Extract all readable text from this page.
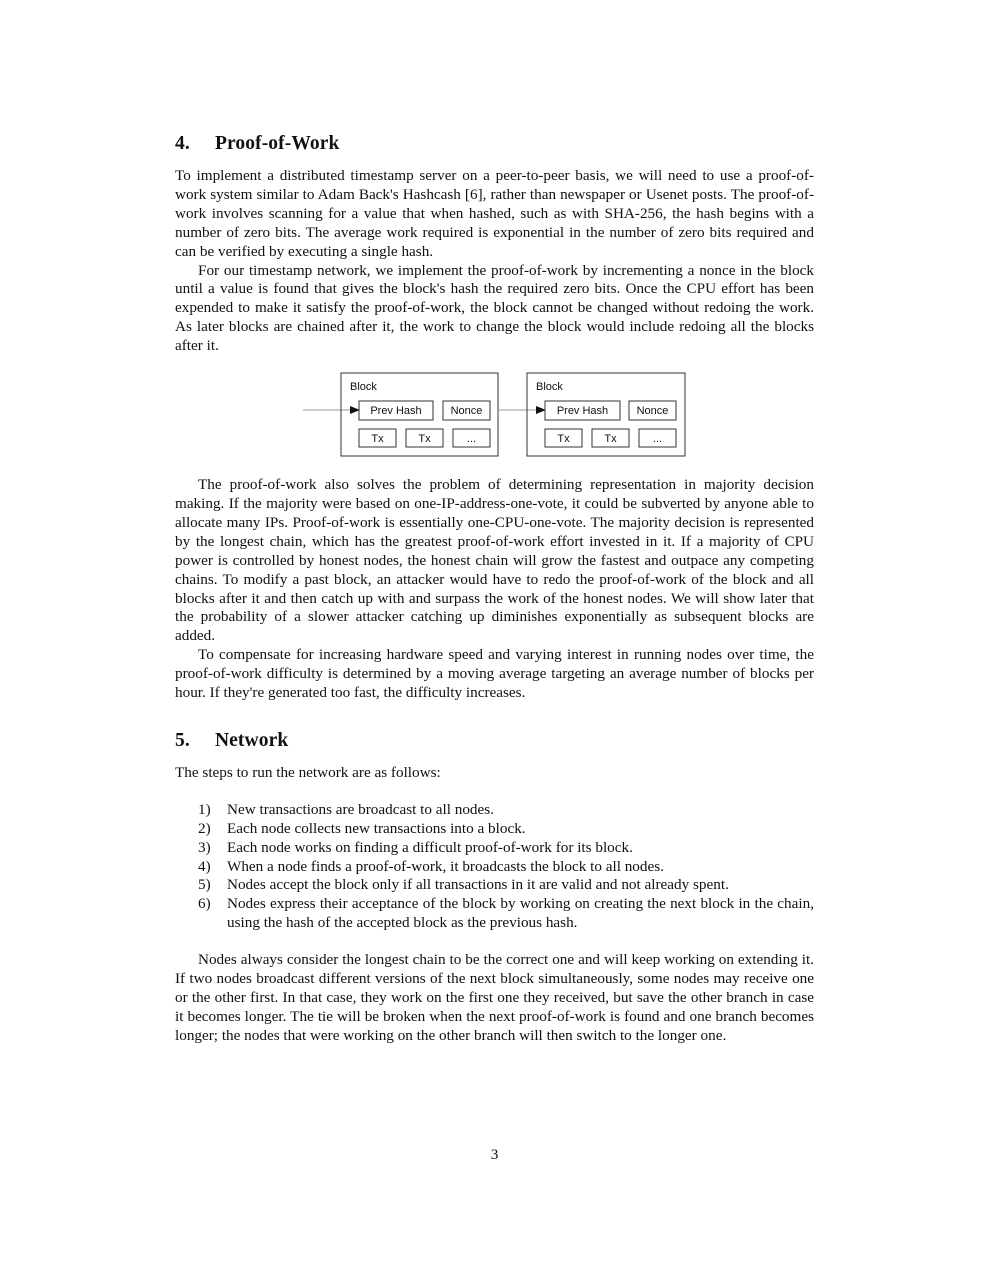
4. Proof-of-Work

To implement a distributed timestamp server on a peer-to-peer basis, we will need to use a proof-of-work system similar to Adam Back's Hashcash [6], rather than newspaper or Usenet posts. The proof-of-work involves scanning for a value that when hashed, such as with SHA-256, the hash begins with a number of zero bits. The average work required is exponential in the number of zero bits required and can be verified by executing a single hash.

For our timestamp network, we implement the proof-of-work by incrementing a nonce in the block until a value is found that gives the block's hash the required zero bits. Once the CPU effort has been expended to make it satisfy the proof-of-work, the block cannot be changed without redoing the work. As later blocks are chained after it, the work to change the block would include redoing all the blocks after it.

Block
Prev Hash	Nonce
Tx	Tx	...
Block
Prev Hash	Nonce
Tx	Tx	...

The proof-of-work also solves the problem of determining representation in majority decision making. If the majority were based on one-IP-address-one-vote, it could be subverted by anyone able to allocate many IPs. Proof-of-work is essentially one-CPU-one-vote. The majority decision is represented by the longest chain, which has the greatest proof-of-work effort invested in it. If a majority of CPU power is controlled by honest nodes, the honest chain will grow the fastest and outpace any competing chains. To modify a past block, an attacker would have to redo the proof-of-work of the block and all blocks after it and then catch up with and surpass the work of the honest nodes. We will show later that the probability of a slower attacker catching up diminishes exponentially as subsequent blocks are added.

To compensate for increasing hardware speed and varying interest in running nodes over time, the proof-of-work difficulty is determined by a moving average targeting an average number of blocks per hour. If they're generated too fast, the difficulty increases.

5. Network

The steps to run the network are as follows:

1) New transactions are broadcast to all nodes.
2) Each node collects new transactions into a block.
3) Each node works on finding a difficult proof-of-work for its block.
4) When a node finds a proof-of-work, it broadcasts the block to all nodes.
5) Nodes accept the block only if all transactions in it are valid and not already spent.
6) Nodes express their acceptance of the block by working on creating the next block in the chain, using the hash of the accepted block as the previous hash.

Nodes always consider the longest chain to be the correct one and will keep working on extending it. If two nodes broadcast different versions of the next block simultaneously, some nodes may receive one or the other first. In that case, they work on the first one they received, but save the other branch in case it becomes longer. The tie will be broken when the next proof-of-work is found and one branch becomes longer; the nodes that were working on the other branch will then switch to the longer one.

3
